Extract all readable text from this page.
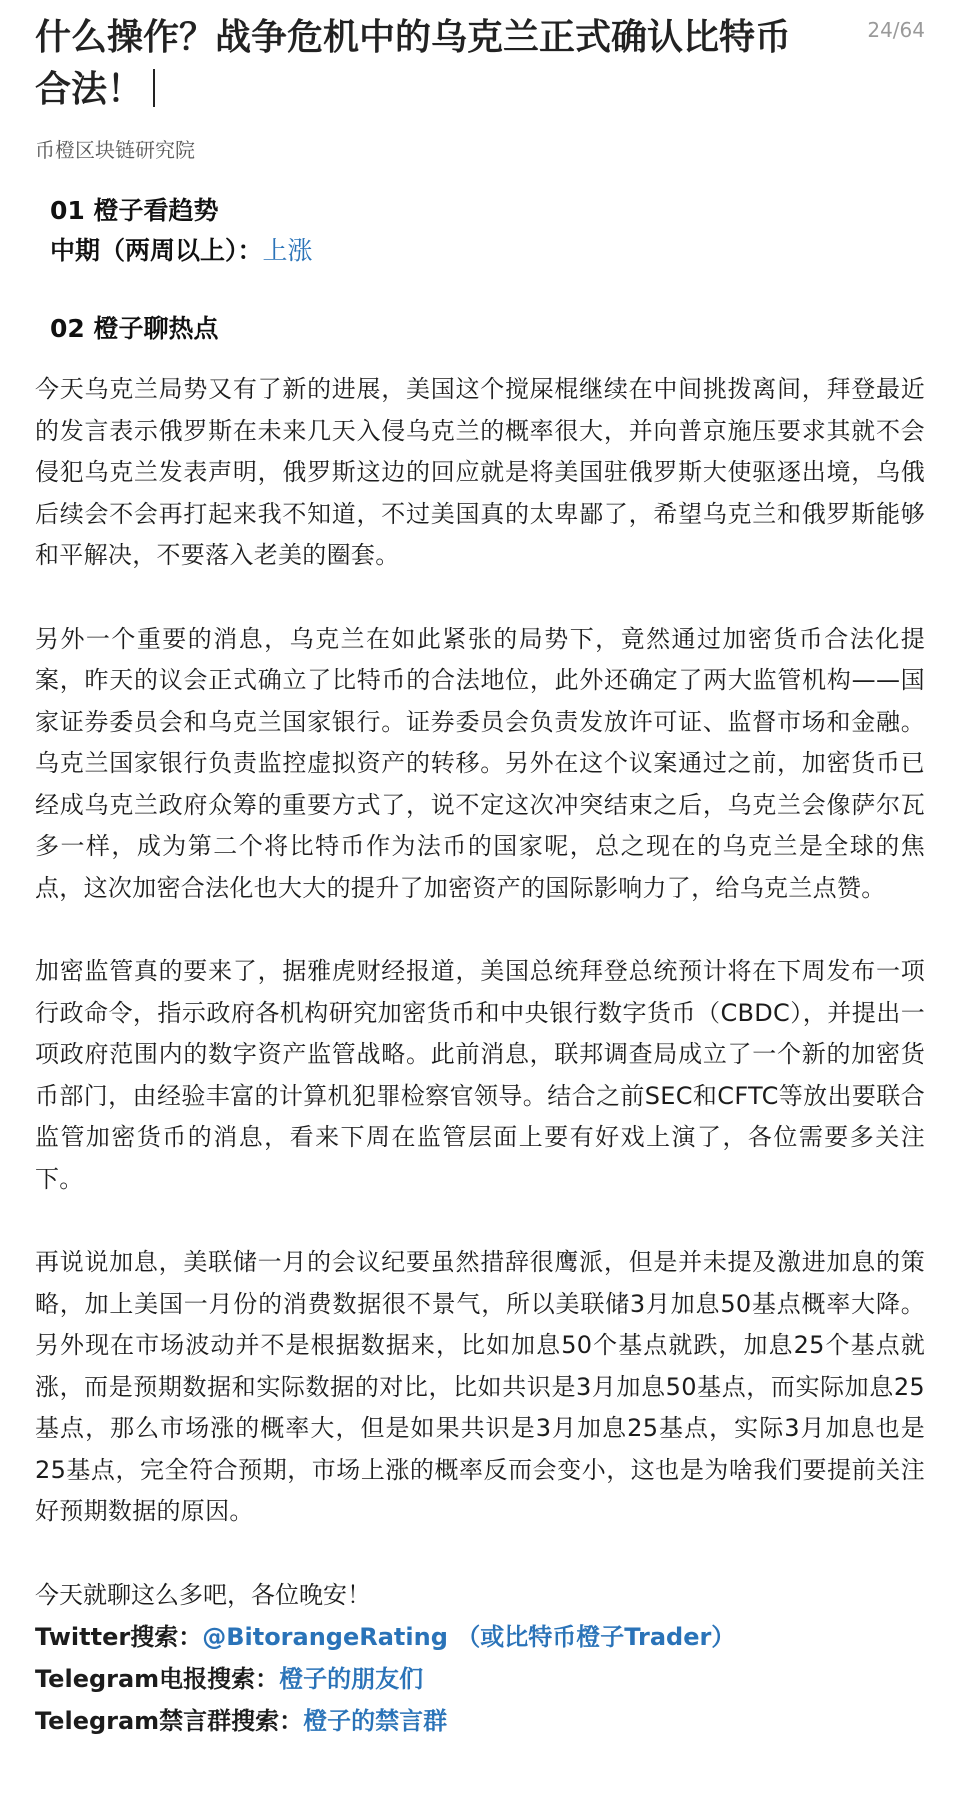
什么操作？战争危机中的乌克兰正式确认比特币合法！
24/64
币橙区块链研究院
01 橙子看趋势
中期（两周以上）：上涨
02 橙子聊热点

今天乌克兰局势又有了新的进展，美国这个搅屎棍继续在中间挑拨离间，拜登最近的发言表示俄罗斯在未来几天入侵乌克兰的概率很大，并向普京施压要求其就不会侵犯乌克兰发表声明，俄罗斯这边的回应就是将美国驻俄罗斯大使驱逐出境，乌俄后续会不会再打起来我不知道，不过美国真的太卑鄙了，希望乌克兰和俄罗斯能够和平解决，不要落入老美的圈套。

另外一个重要的消息，乌克兰在如此紧张的局势下，竟然通过加密货币合法化提案，昨天的议会正式确立了比特币的合法地位，此外还确定了两大监管机构——国家证券委员会和乌克兰国家银行。证券委员会负责发放许可证、监督市场和金融。乌克兰国家银行负责监控虚拟资产的转移。另外在这个议案通过之前，加密货币已经成乌克兰政府众筹的重要方式了，说不定这次冲突结束之后，乌克兰会像萨尔瓦多一样，成为第二个将比特币作为法币的国家呢，总之现在的乌克兰是全球的焦点，这次加密合法化也大大的提升了加密资产的国际影响力了，给乌克兰点赞。

加密监管真的要来了，据雅虎财经报道，美国总统拜登总统预计将在下周发布一项行政命令，指示政府各机构研究加密货币和中央银行数字货币（CBDC），并提出一项政府范围内的数字资产监管战略。此前消息，联邦调查局成立了一个新的加密货币部门，由经验丰富的计算机犯罪检察官领导。结合之前SEC和CFTC等放出要联合监管加密货币的消息，看来下周在监管层面上要有好戏上演了，各位需要多关注下。

再说说加息，美联储一月的会议纪要虽然措辞很鹰派，但是并未提及激进加息的策略，加上美国一月份的消费数据很不景气，所以美联储3月加息50基点概率大降。另外现在市场波动并不是根据数据来，比如加息50个基点就跌，加息25个基点就涨，而是预期数据和实际数据的对比，比如共识是3月加息50基点，而实际加息25基点，那么市场涨的概率大，但是如果共识是3月加息25基点，实际3月加息也是25基点，完全符合预期，市场上涨的概率反而会变小，这也是为啥我们要提前关注好预期数据的原因。

今天就聊这么多吧，各位晚安！
Twitter搜索：@BitorangeRating （或比特币橙子Trader）
Telegram电报搜索：橙子的朋友们
Telegram禁言群搜索：橙子的禁言群
